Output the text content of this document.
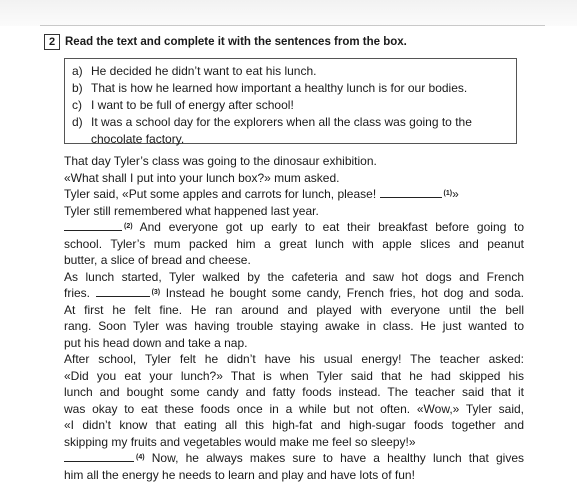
2 Read the text and complete it with the sentences from the box.
a) He decided he didn’t want to eat his lunch.
b) That is how he learned how important a healthy lunch is for our bodies.
c) I want to be full of energy after school!
d) It was a school day for the explorers when all the class was going to the
chocolate factory.
That day Tyler’s class was going to the dinosaur exhibition.
«What shall I put into your lunch box?» mum asked.
Tyler said, «Put some apples and carrots for lunch, please!	$^{(1)}$»
Tyler still remembered what happened last year.
$^{(2)}$ And everyone got up early to eat their breakfast before going to
school. Tyler’s mum packed him a great lunch with apple slices and peanut
butter, a slice of bread and cheese.
As lunch started, Tyler walked by the cafeteria and saw hot dogs and French
fries.	$^{(3)}$ Instead he bought some candy, French fries, hot dog and soda.
At first he felt fine. He ran around and played with everyone until the bell
rang. Soon Tyler was having trouble staying awake in class. He just wanted to
put his head down and take a nap.
After school, Tyler felt he didn’t have his usual energy! The teacher asked:
«Did you eat your lunch?» That is when Tyler said that he had skipped his
lunch and bought some candy and fatty foods instead. The teacher said that it
was okay to eat these foods once in a while but not often. «Wow,» Tyler said,
«I didn’t know that eating all this high-fat and high-sugar foods together and
skipping my fruits and vegetables would make me feel so sleepy!»
$^{(4)}$ Now, he always makes sure to have a healthy lunch that gives
him all the energy he needs to learn and play and have lots of fun!
